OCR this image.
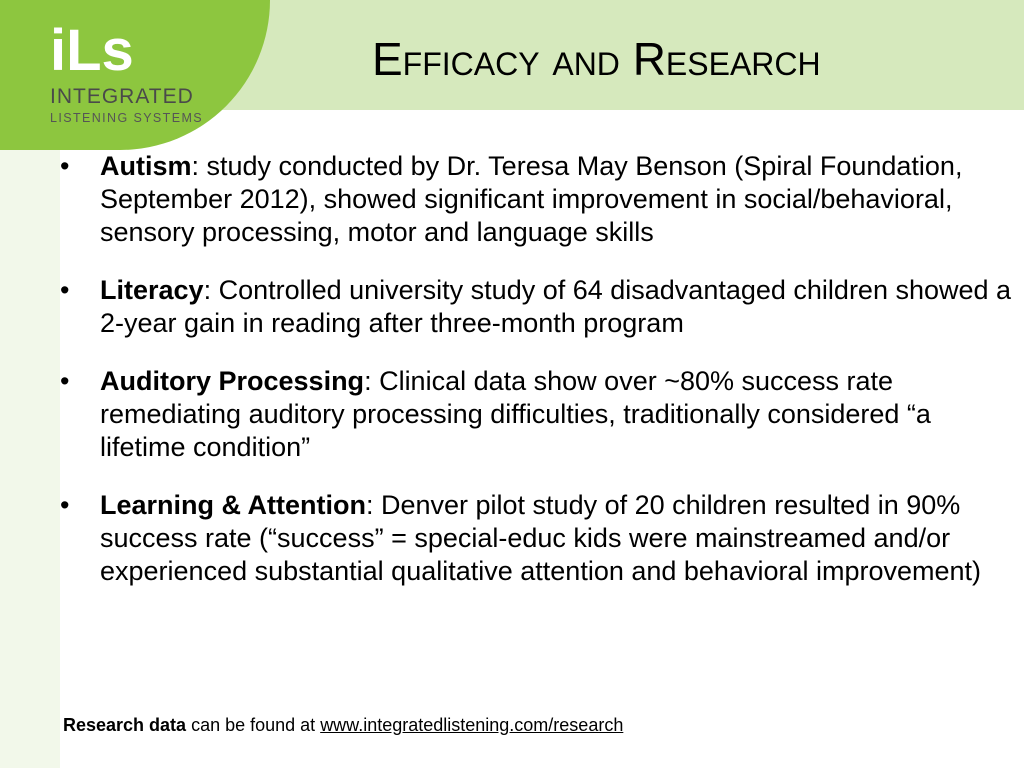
iLs
INTEGRATED
LISTENING SYSTEMS
Efficacy and Research
• Autism: study conducted by Dr. Teresa May Benson (Spiral Foundation, September 2012), showed significant improvement in social/behavioral, sensory processing, motor and language skills
• Literacy: Controlled university study of 64 disadvantaged children showed a 2-year gain in reading after three-month program
• Auditory Processing: Clinical data show over ~80% success rate remediating auditory processing difficulties, traditionally considered “a lifetime condition”
• Learning & Attention: Denver pilot study of 20 children resulted in 90% success rate (“success” = special-educ kids were mainstreamed and/or experienced substantial qualitative attention and behavioral improvement)
Research data can be found at www.integratedlistening.com/research
